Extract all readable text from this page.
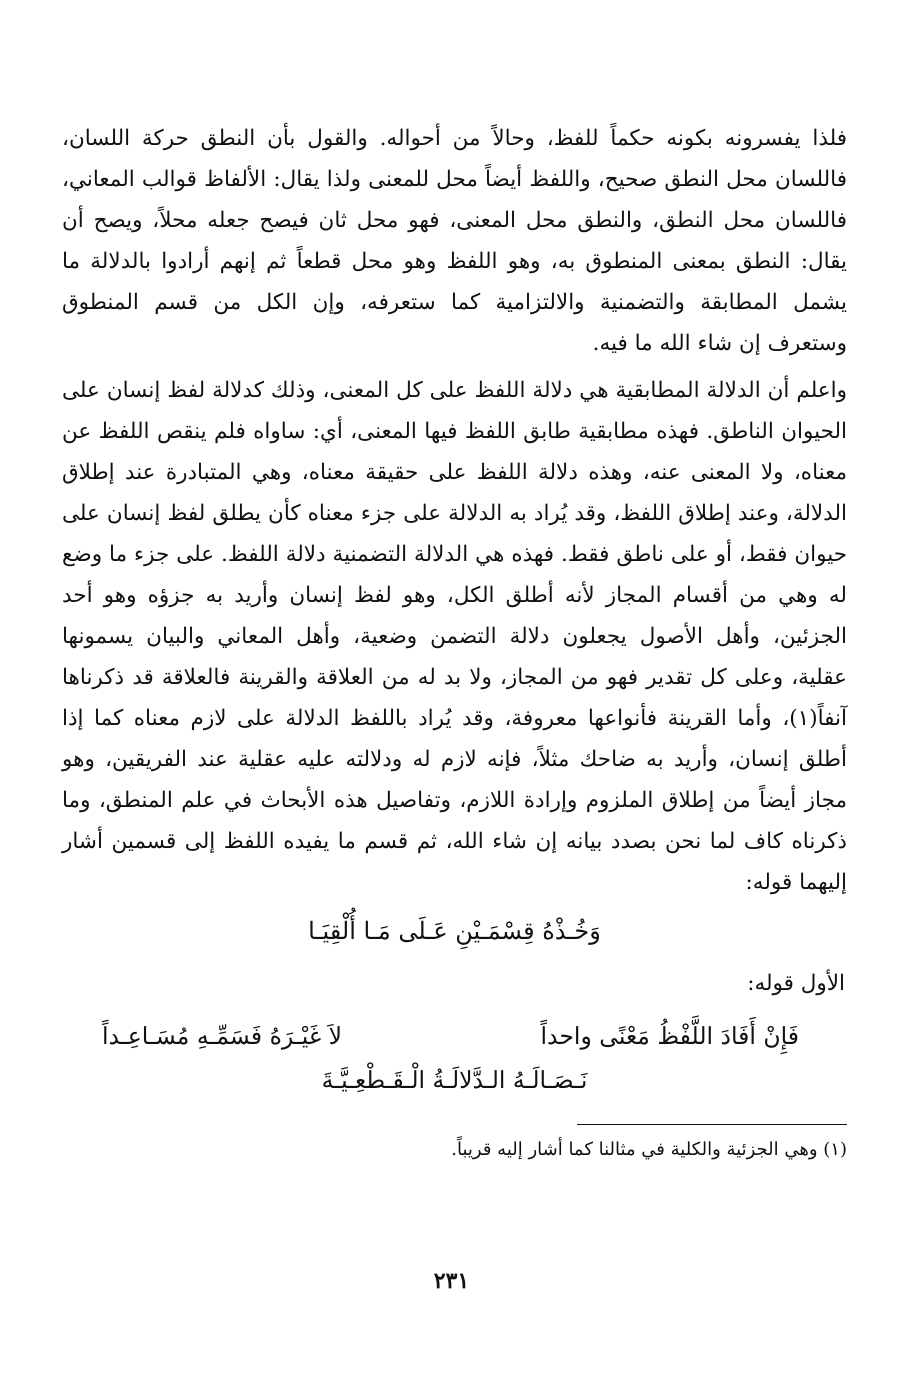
فلذا يفسرونه بكونه حكماً للفظ، وحالاً من أحواله. والقول بأن النطق حركة اللسان، فاللسان محل النطق صحيح، واللفظ أيضاً محل للمعنى ولذا يقال: الألفاظ قوالب المعاني، فاللسان محل النطق، والنطق محل المعنى، فهو محل ثان فيصح جعله محلاً، ويصح أن يقال: النطق بمعنى المنطوق به، وهو اللفظ وهو محل قطعاً ثم إنهم أرادوا بالدلالة ما يشمل المطابقة والتضمنية والالتزامية كما ستعرفه، وإن الكل من قسم المنطوق وستعرف إن شاء الله ما فيه.

واعلم أن الدلالة المطابقية هي دلالة اللفظ على كل المعنى، وذلك كدلالة لفظ إنسان على الحيوان الناطق. فهذه مطابقية طابق اللفظ فيها المعنى، أي: ساواه فلم ينقص اللفظ عن معناه، ولا المعنى عنه، وهذه دلالة اللفظ على حقيقة معناه، وهي المتبادرة عند إطلاق الدلالة، وعند إطلاق اللفظ، وقد يُراد به الدلالة على جزء معناه كأن يطلق لفظ إنسان على حيوان فقط، أو على ناطق فقط. فهذه هي الدلالة التضمنية دلالة اللفظ. على جزء ما وضع له وهي من أقسام المجاز لأنه أطلق الكل، وهو لفظ إنسان وأريد به جزؤه وهو أحد الجزئين، وأهل الأصول يجعلون دلالة التضمن وضعية، وأهل المعاني والبيان يسمونها عقلية، وعلى كل تقدير فهو من المجاز، ولا بد له من العلاقة والقرينة فالعلاقة قد ذكرناها آنفاً(١)، وأما القرينة فأنواعها معروفة، وقد يُراد باللفظ الدلالة على لازم معناه كما إذا أطلق إنسان، وأريد به ضاحك مثلاً، فإنه لازم له ودلالته عليه عقلية عند الفريقين، وهو مجاز أيضاً من إطلاق الملزوم وإرادة اللازم، وتفاصيل هذه الأبحاث في علم المنطق، وما ذكرناه كاف لما نحن بصدد بيانه إن شاء الله، ثم قسم ما يفيده اللفظ إلى قسمين أشار إليهما قوله:

وَخُـذْهُ قِسْمَـيْنِ عَـلَى مَـا أُلْقِيَـا
الأول قوله:
فَإِنْ أَفَادَ اللَّفْظُ مَعْنًى واحداً
لاَ غَيْـرَهُ فَسَمِّـهِ مُسَـاعِـداً
نَـصَـالَـهُ الـدَّلالَـةُ الْـقَـطْعِـيَّـةَ
(١) وهي الجزئية والكلية في مثالنا كما أشار إليه قريباً.
٢٣١
